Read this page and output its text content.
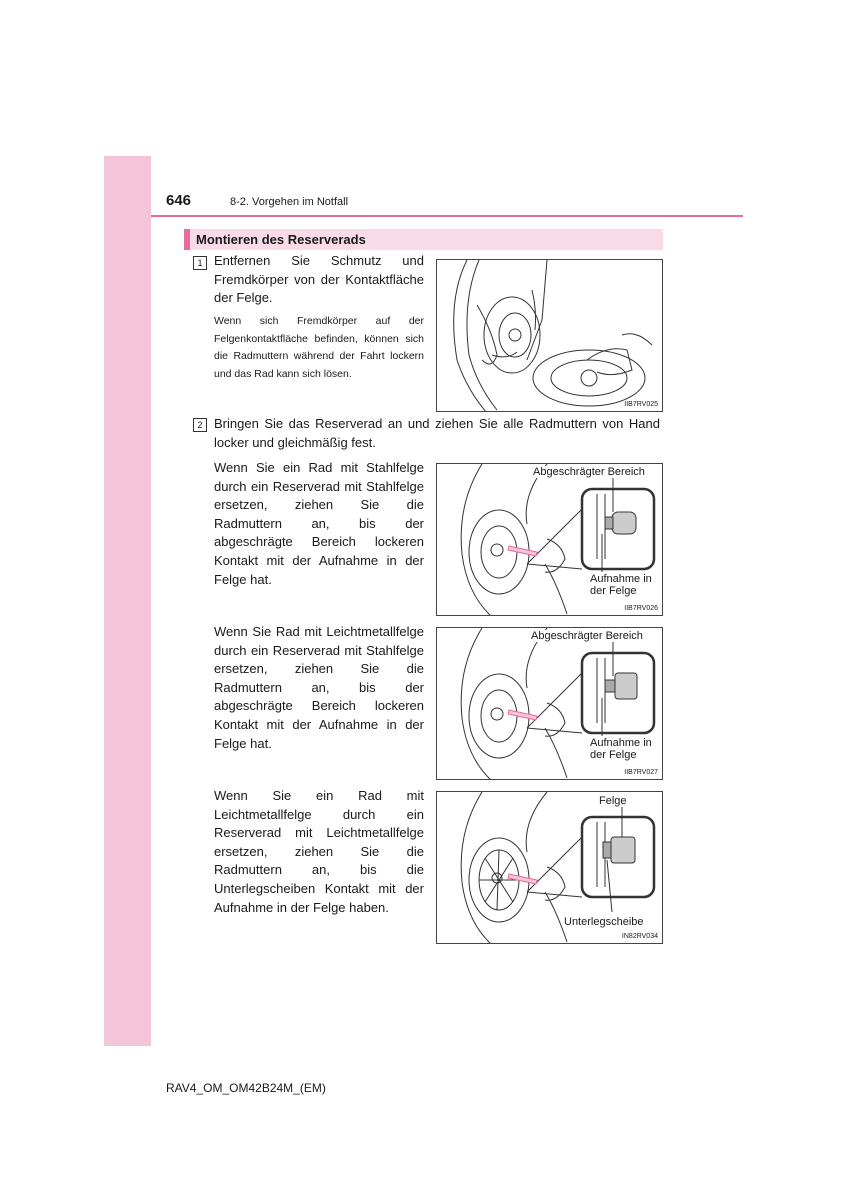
646	8-2. Vorgehen im Notfall
Montieren des Reserverads
1 Entfernen Sie Schmutz und Fremdkörper von der Kontaktfläche der Felge.
Wenn sich Fremdkörper auf der Felgenkontaktfläche befinden, können sich die Radmuttern während der Fahrt lockern und das Rad kann sich lösen.
IIB7RV025
2 Bringen Sie das Reserverad an und ziehen Sie alle Radmuttern von Hand locker und gleichmäßig fest.
Wenn Sie ein Rad mit Stahlfelge durch ein Reserverad mit Stahlfelge ersetzen, ziehen Sie die Radmuttern an, bis der abgeschrägte Bereich lockeren Kontakt mit der Aufnahme in der Felge hat.
Abgeschrägter Bereich
Aufnahme in der Felge
IIB7RV026
Wenn Sie Rad mit Leichtmetallfelge durch ein Reserverad mit Stahlfelge ersetzen, ziehen Sie die Radmuttern an, bis der abgeschrägte Bereich lockeren Kontakt mit der Aufnahme in der Felge hat.
Abgeschrägter Bereich
Aufnahme in der Felge
IIB7RV027
Wenn Sie ein Rad mit Leichtmetallfelge durch ein Reserverad mit Leichtmetallfelge ersetzen, ziehen Sie die Radmuttern an, bis die Unterlegscheiben Kontakt mit der Aufnahme in der Felge haben.
Felge
Unterlegscheibe
IN82RV034
RAV4_OM_OM42B24M_(EM)
